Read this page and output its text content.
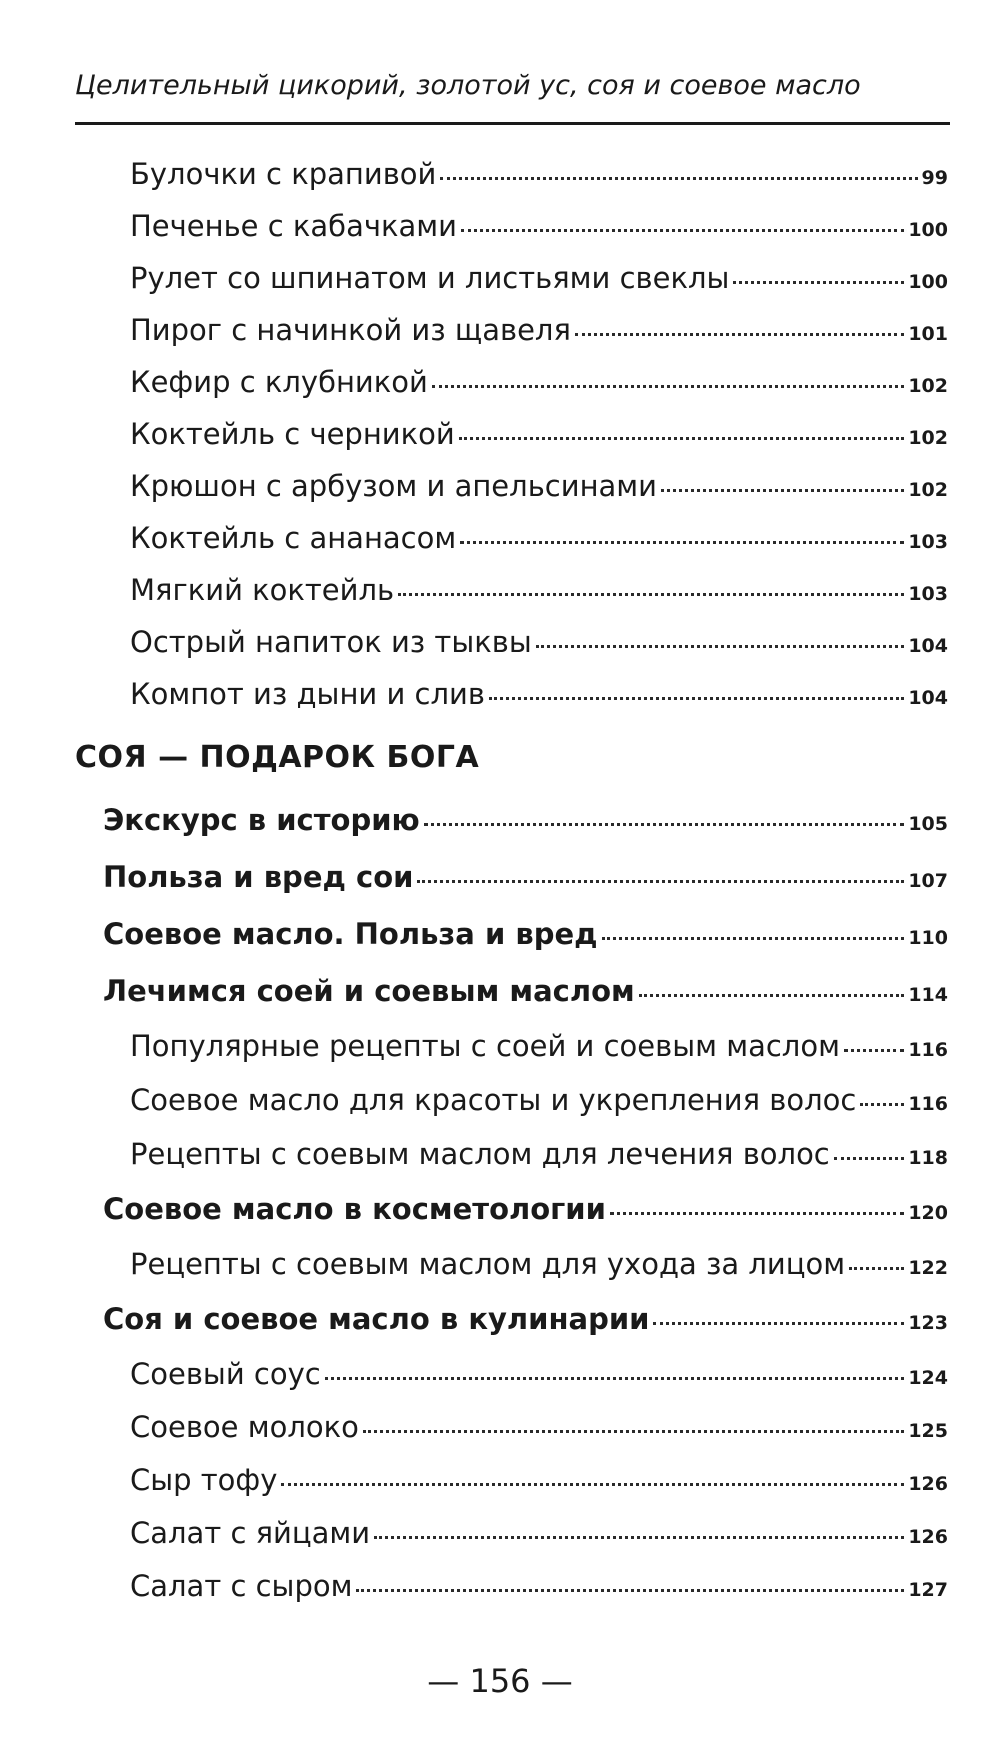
Целительный цикорий, золотой ус, соя и соевое масло
Булочки с крапивой	99
Печенье с кабачками	100
Рулет со шпинатом и листьями свеклы	100
Пирог с начинкой из щавеля	101
Кефир с клубникой	102
Коктейль с черникой	102
Крюшон с арбузом и апельсинами	102
Коктейль с ананасом	103
Мягкий коктейль	103
Острый напиток из тыквы	104
Компот из дыни и слив	104
СОЯ — ПОДАРОК БОГА
Экскурс в историю	105
Польза и вред сои	107
Соевое масло. Польза и вред	110
Лечимся соей и соевым маслом	114
Популярные рецепты с соей и соевым маслом	116
Соевое масло для красоты и укрепления волос	116
Рецепты с соевым маслом для лечения волос	118
Соевое масло в косметологии	120
Рецепты с соевым маслом для ухода за лицом	122
Соя и соевое масло в кулинарии	123
Соевый соус	124
Соевое молоко	125
Сыр тофу	126
Салат с яйцами	126
Салат с сыром	127
— 156 —
